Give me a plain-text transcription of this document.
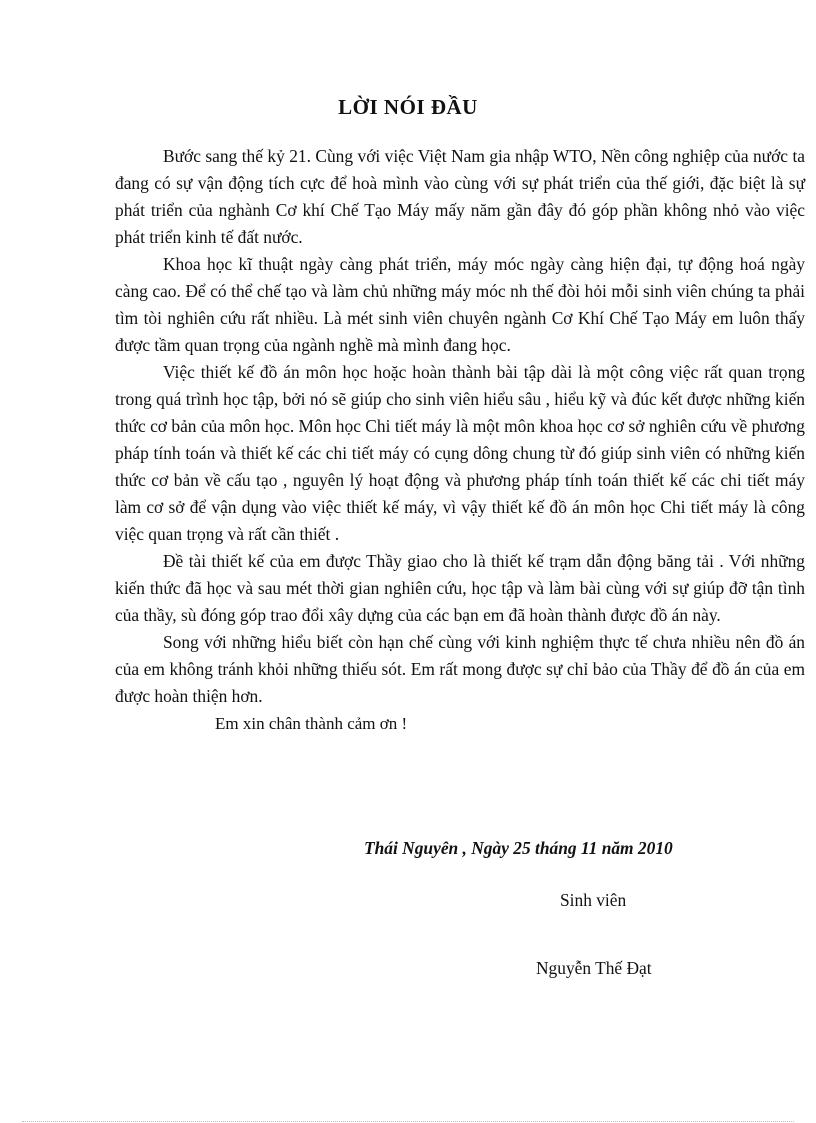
LỜI NÓI ĐẦU

Bước sang thế kỷ 21. Cùng với việc Việt Nam gia nhập WTO, Nền công nghiệp của nước ta đang có sự vận động tích cực để hoà mình vào cùng với sự phát triển của thế giới, đặc biệt là sự phát triển của nghành Cơ khí Chế Tạo Máy mấy năm gần đây đó góp phần không nhỏ vào việc phát triển kinh tế đất nước.

Khoa học kĩ thuật ngày càng phát triển, máy móc ngày càng hiện đại, tự động hoá ngày càng cao. Để có thể chế tạo và làm chủ những máy móc nh thế đòi hỏi mỗi sinh viên chúng ta phải tìm tòi nghiên cứu rất nhiều. Là mét sinh viên chuyên ngành Cơ Khí Chế Tạo Máy em luôn thấy được tầm quan trọng của ngành nghề mà mình đang học.

Việc thiết kế đồ án môn học hoặc hoàn thành bài tập dài là một công việc rất quan trọng trong quá trình học tập, bởi nó sẽ giúp cho sinh viên hiểu sâu , hiểu kỹ và đúc kết được những kiến thức cơ bản của môn học. Môn học Chi tiết máy là một môn khoa học cơ sở nghiên cứu về phương pháp tính toán và thiết kế các chi tiết máy có cụng dông chung từ đó giúp sinh viên có những kiến thức cơ bản về cấu tạo , nguyên lý hoạt động và phương pháp tính toán thiết kế các chi tiết máy làm cơ sở để vận dụng vào việc thiết kế máy, vì vậy thiết kế đồ án môn học Chi tiết máy là công việc quan trọng và rất cần thiết .

Đề tài thiết kế của em được Thầy giao cho là thiết kế trạm dẫn động băng tải . Với những kiến thức đã học và sau mét thời gian nghiên cứu, học tập và làm bài cùng với sự giúp đỡ tận tình của thầy, sù đóng góp trao đổi xây dựng của các bạn em đã hoàn thành được đồ án này.

Song với những hiểu biết còn hạn chế cùng với kinh nghiệm thực tế chưa nhiều nên đồ án của em không tránh khỏi những thiếu sót. Em rất mong được sự chỉ bảo của Thầy để đồ án của em được hoàn thiện hơn.

Em xin chân thành cảm ơn !

Thái Nguyên , Ngày 25 tháng 11 năm 2010
Sinh viên
Nguyễn Thế Đạt
